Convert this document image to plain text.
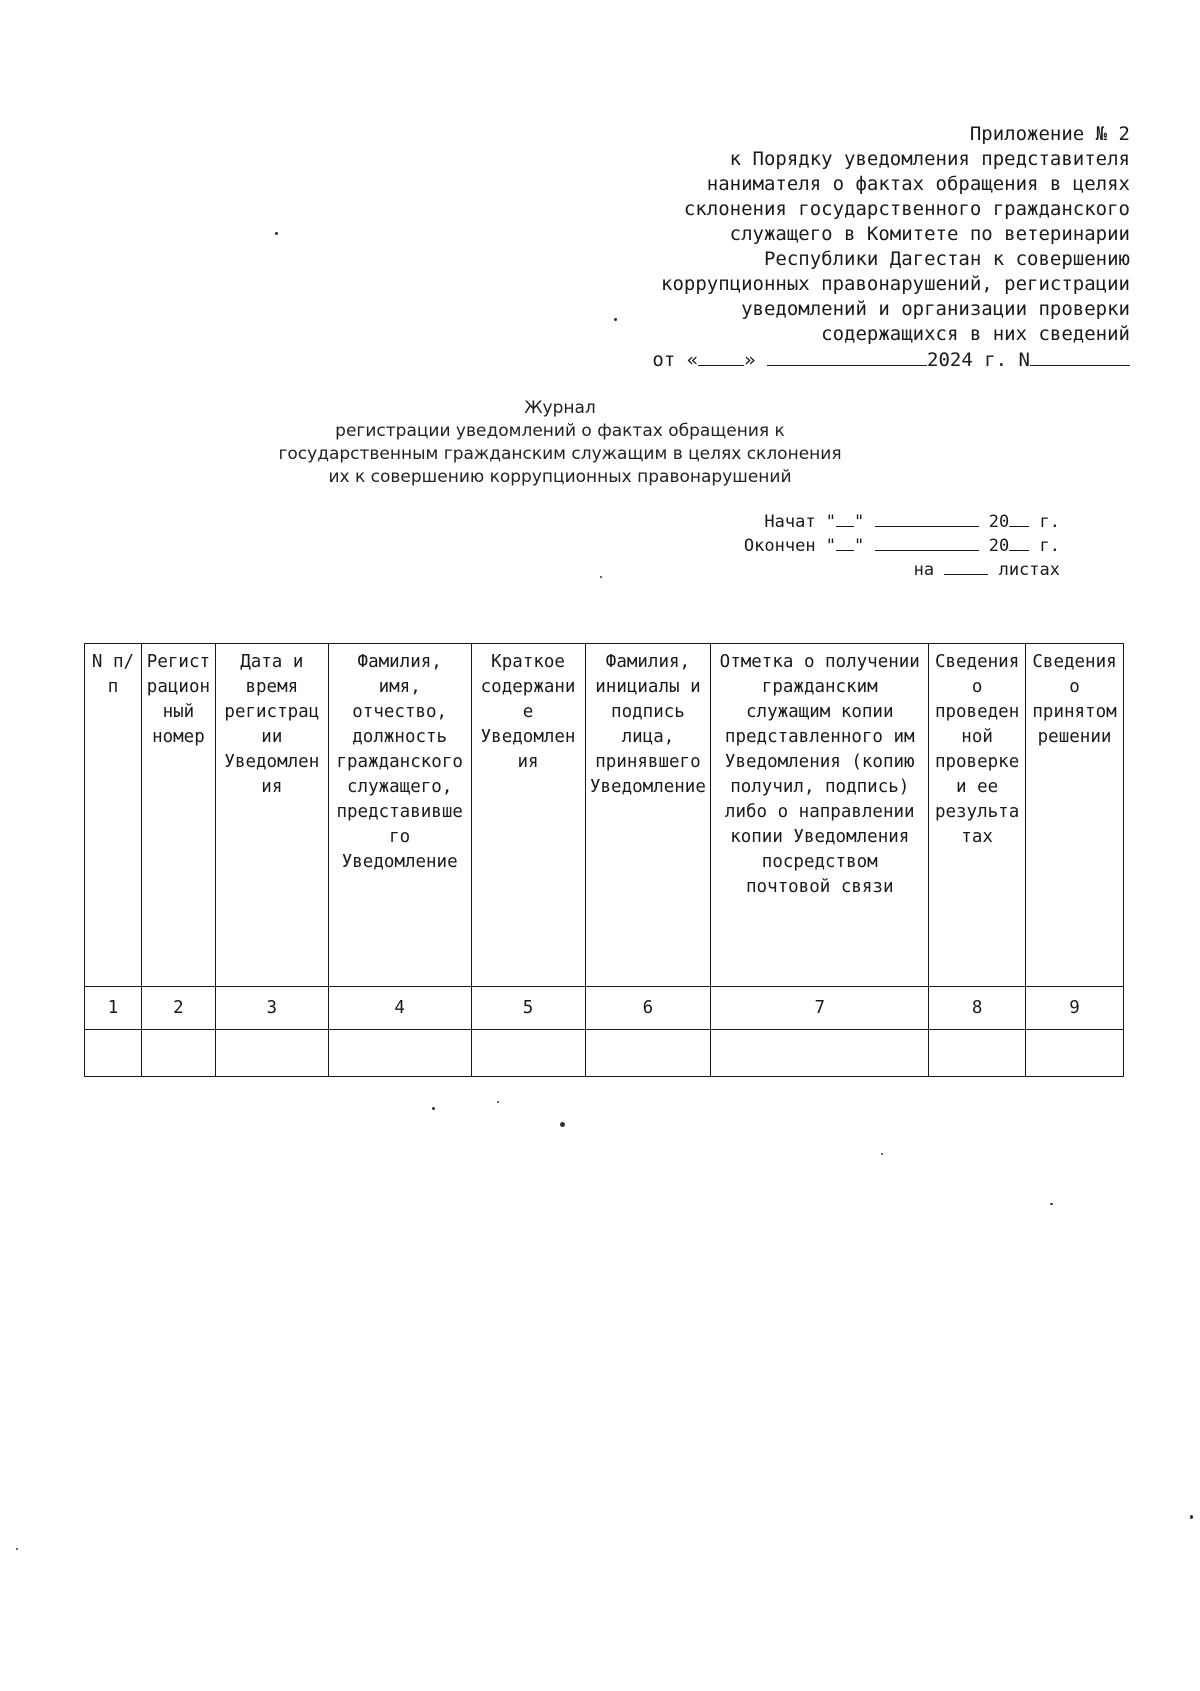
Приложение № 2
к Порядку уведомления представителя
нанимателя о фактах обращения в целях
склонения государственного гражданского
служащего в Комитете по ветеринарии
Республики Дагестан к совершению
коррупционных правонарушений, регистрации
уведомлений и организации проверки
содержащихся в них сведений
от « »	2024 г. N
Журнал
регистрации уведомлений о фактах обращения к
государственным гражданским служащим в целях склонения
их к совершению коррупционных правонарушений
Начат " "	20 г.
Окончен " "	20 г.
на	листах
N п/п	Регистрационный номер	Дата и время регистрации Уведомления	Фамилия, имя, отчество, должность гражданского служащего, представившего Уведомление	Краткое содержание Уведомления	Фамилия, инициалы и подпись лица, принявшего Уведомление	Отметка о получении гражданским служащим копии представленного им Уведомления (копию получил, подпись) либо о направлении копии Уведомления посредством почтовой связи	Сведения о проведенной проверке и ее результатах	Сведения о принятом решении
1	2	3	4	5	6	7	8	9
